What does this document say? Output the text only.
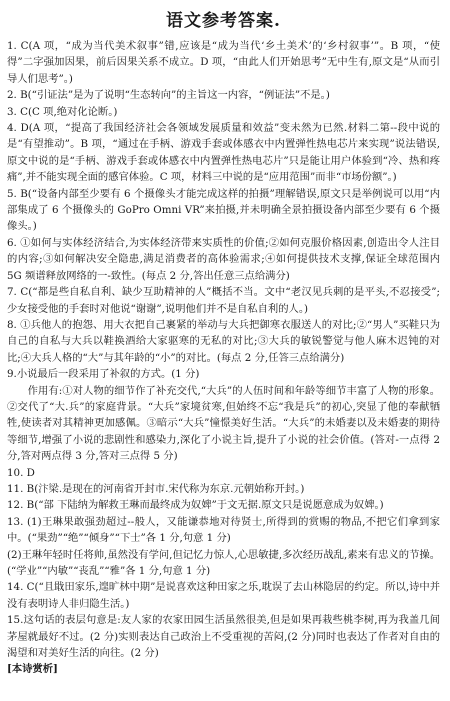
语文参考答案.

1. C(A 项，“成为当代美术叙事”错,应该是“成为当代‘乡土美术’的‘乡村叙事’”。B 项，“使得”二字强加因果，前后因果关系不成立。D 项，“由此人们开始思考”无中生有,原文是“从而引导人们思考”。)

2. B(“引证法”是为了说明“生态转向”的主旨这一内容，“例证法”不是。)

3. C(C 项,绝对化论断。)

4. D(A 项，“提高了我国经济社会各领域发展质量和效益”变未然为已然.材料二第--段中说的是“有望推动”。B 项，“通过在手柄、游戏手套或体感衣中内置弹性热电芯片来实现”说法错误,原文中说的是“手柄、游戏手套或体感衣中内置弹性热电芯片”只是能让用户体验到“冷、热和疼痛”,并不能实现全面的感官体验。C 项，材料三中说的是“应用范围”而非“市场份额”。)

5. B(“设备内部至少要有 6 个摄像头才能完成这样的拍摄”理解错误,原文只是举例说可以用“内部集成了 6 个摄像头的 GoPro Omni VR”来拍摄,并未明确全景拍摄设备内部至少要有 6 个摄像头。)

6. ①如何与实体经济结合,为实体经济带来实质性的价值;②如何克服价格因素,创造出令人注目的内容;③如何解决安全隐患,满足消费者的高体验需求;④如何提供技术支撑,保证全球范围内 5G 频谱释放网络的一-致性。(每点 2 分,答出任意三点给满分)

7. C(“都是些自私自利、缺少互助精神的人”概括不当。文中“老汉见兵刺的是平头,不忍接受”;少女接受他的手套时对他说“谢谢”,说明他们并不是自私自利的人。)

8. ①兵他人的抱怨、用大衣把自己裹紧的举动与大兵把御寒衣服送人的对比;②“男人”买鞋只为自己的自私与大兵以鞋换酒给大家驱寒的无私的对比;③大兵的敏锐警觉与他人麻木迟钝的对比;④大兵人格的“大”与其年龄的“小”的对比。(每点 2 分,任答三点给满分)

9.小说最后一段采用了补叙的方式。(1 分)

作用有:①对人物的细节作了补充交代,“大兵”的人伍时间和年龄等细节丰富了人物的形象。②交代了“大.兵”的家庭背景。“大兵”家境贫寒,但始终不忘“我是兵”的初心,突显了他的奉献牺牲,使读者对其精神更加感佩。③暗示“大兵”憧憬美好生活。“大兵”的未婚妻以及未婚妻的期待等细节,增强了小说的悲剧性和感染力,深化了小说主旨,提升了小说的社会价值。(答对-一点得 2 分,答对两点得 3 分,答对三点得 5 分)

10. D

11. B(汴梁.是现在的河南省开封市.宋代称为东京.元朝始称开封。)

12. B(“部 下陆纳为解救王琳而最终成为奴婢”于文无据.原文只是说愿意成为奴婢。)

13. (1)王琳果敢强劲超过--般人，又能谦恭地对待贤士,所得到的赏赐的物品,不把它们拿到家中。(“果劲”“绝”“倾身”“下士”各 1 分,句意 1 分)

(2)王琳年轻时任将帅,虽然没有学问,但记忆力惊人,心思敏捷,多次经历战乱,素来有忠义的节操。(“学业”“内敏”“丧乱”“雅”各 1 分,句意 1 分)

14. C(“且戢田家乐,遑旷林中期”是说喜欢这种田家之乐,耽误了去山林隐居的约定。所以,诗中并没有表明诗人非归隐生活。)

15.这句话的表层句意是:友人家的农家田园生活虽然很美,但是如果再栽些桃李树,再为我盖几间茅屋就最好不过。(2 分)实则表达自己政治上不受重视的苦闷,(2 分)同时也表达了作者对自由的渴望和对美好生活的向往。(2 分)

[本诗赏析]
